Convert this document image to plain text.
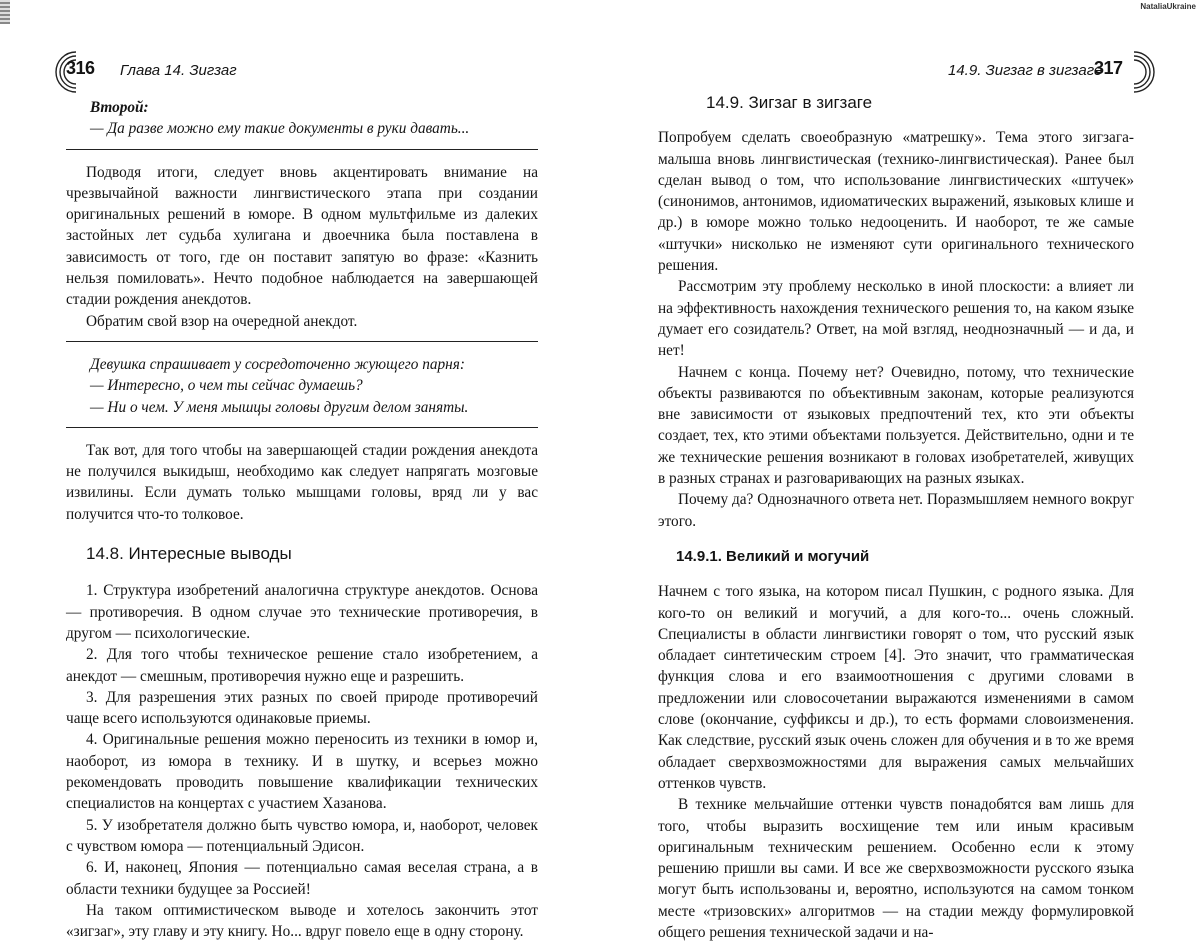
NataliaUkraine
316 Глава 14. Зигзаг

Второй:

— Да разве можно ему такие документы в руки давать...

Подводя итоги, следует вновь акцентировать внимание на чрезвычайной важности лингвистического этапа при создании оригинальных решений в юморе. В одном мультфильме из далеких застойных лет судьба хулигана и двоечника была поставлена в зависимость от того, где он поставит запятую во фразе: «Казнить нельзя помиловать». Нечто подобное наблюдается на завершающей стадии рождения анекдотов.

Обратим свой взор на очередной анекдот.

Девушка спрашивает у сосредоточенно жующего парня:

— Интересно, о чем ты сейчас думаешь?

— Ни о чем. У меня мышцы головы другим делом заняты.

Так вот, для того чтобы на завершающей стадии рождения анекдота не получился выкидыш, необходимо как следует напрягать мозговые извилины. Если думать только мышцами головы, вряд ли у вас получится что-то толковое.

14.8. Интересные выводы

1. Структура изобретений аналогична структуре анекдотов. Основа — противоречия. В одном случае это технические противоречия, в другом — психологические.

2. Для того чтобы техническое решение стало изобретением, а анекдот — смешным, противоречия нужно еще и разрешить.

3. Для разрешения этих разных по своей природе противоречий чаще всего используются одинаковые приемы.

4. Оригинальные решения можно переносить из техники в юмор и, наоборот, из юмора в технику. И в шутку, и всерьез можно рекомендовать проводить повышение квалификации технических специалистов на концертах с участием Хазанова.

5. У изобретателя должно быть чувство юмора, и, наоборот, человек с чувством юмора — потенциальный Эдисон.

6. И, наконец, Япония — потенциально самая веселая страна, а в области техники будущее за Россией!

На таком оптимистическом выводе и хотелось закончить этот «зигзаг», эту главу и эту книгу. Но... вдруг повело еще в одну сторону.

14.9. Зигзаг в зигзаге
317
14.9. Зигзаг в зигзаге

Попробуем сделать своеобразную «матрешку». Тема этого зигзага-малыша вновь лингвистическая (технико-лингвистическая). Ранее был сделан вывод о том, что использование лингвистических «штучек» (синонимов, антонимов, идиоматических выражений, языковых клише и др.) в юморе можно только недооценить. И наоборот, те же самые «штучки» нисколько не изменяют сути оригинального технического решения.

Рассмотрим эту проблему несколько в иной плоскости: а влияет ли на эффективность нахождения технического решения то, на каком языке думает его созидатель? Ответ, на мой взгляд, неоднозначный — и да, и нет!

Начнем с конца. Почему нет? Очевидно, потому, что технические объекты развиваются по объективным законам, которые реализуются вне зависимости от языковых предпочтений тех, кто эти объекты создает, тех, кто этими объектами пользуется. Действительно, одни и те же технические решения возникают в головах изобретателей, живущих в разных странах и разговаривающих на разных языках.

Почему да? Однозначного ответа нет. Поразмышляем немного вокруг этого.

14.9.1. Великий и могучий

Начнем с того языка, на котором писал Пушкин, с родного языка. Для кого-то он великий и могучий, а для кого-то... очень сложный. Специалисты в области лингвистики говорят о том, что русский язык обладает синтетическим строем [4]. Это значит, что грамматическая функция слова и его взаимоотношения с другими словами в предложении или словосочетании выражаются изменениями в самом слове (окончание, суффиксы и др.), то есть формами словоизменения. Как следствие, русский язык очень сложен для обучения и в то же время обладает сверхвозможностями для выражения самых мельчайших оттенков чувств.

В технике мельчайшие оттенки чувств понадобятся вам лишь для того, чтобы выразить восхищение тем или иным красивым оригинальным техническим решением. Особенно если к этому решению пришли вы сами. И все же сверхвозможности русского языка могут быть использованы и, вероятно, используются на самом тонком месте «тризовских» алгоритмов — на стадии между формулировкой общего решения технической задачи и на-
